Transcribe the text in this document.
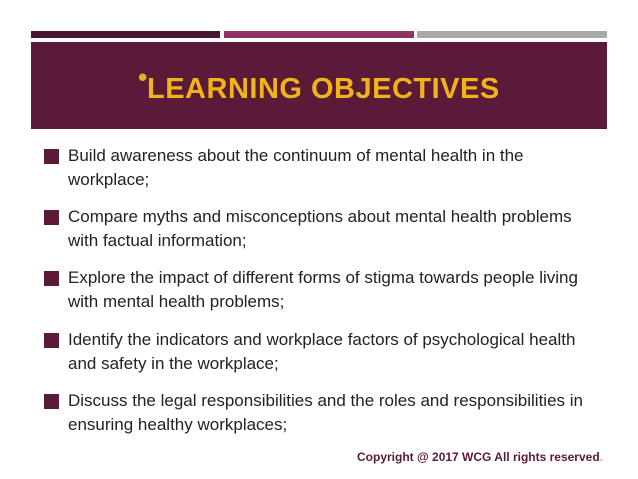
•
LEARNING OBJECTIVES
Build awareness about the continuum of mental health in the workplace;
Compare myths and misconceptions about mental health problems with factual information;
Explore the impact of different forms of stigma towards people living with mental health problems;
Identify the indicators and workplace factors of psychological health and safety in the workplace;
Discuss the legal responsibilities and the roles and responsibilities in ensuring healthy workplaces;
Copyright @ 2017 WCG All rights reserved.
